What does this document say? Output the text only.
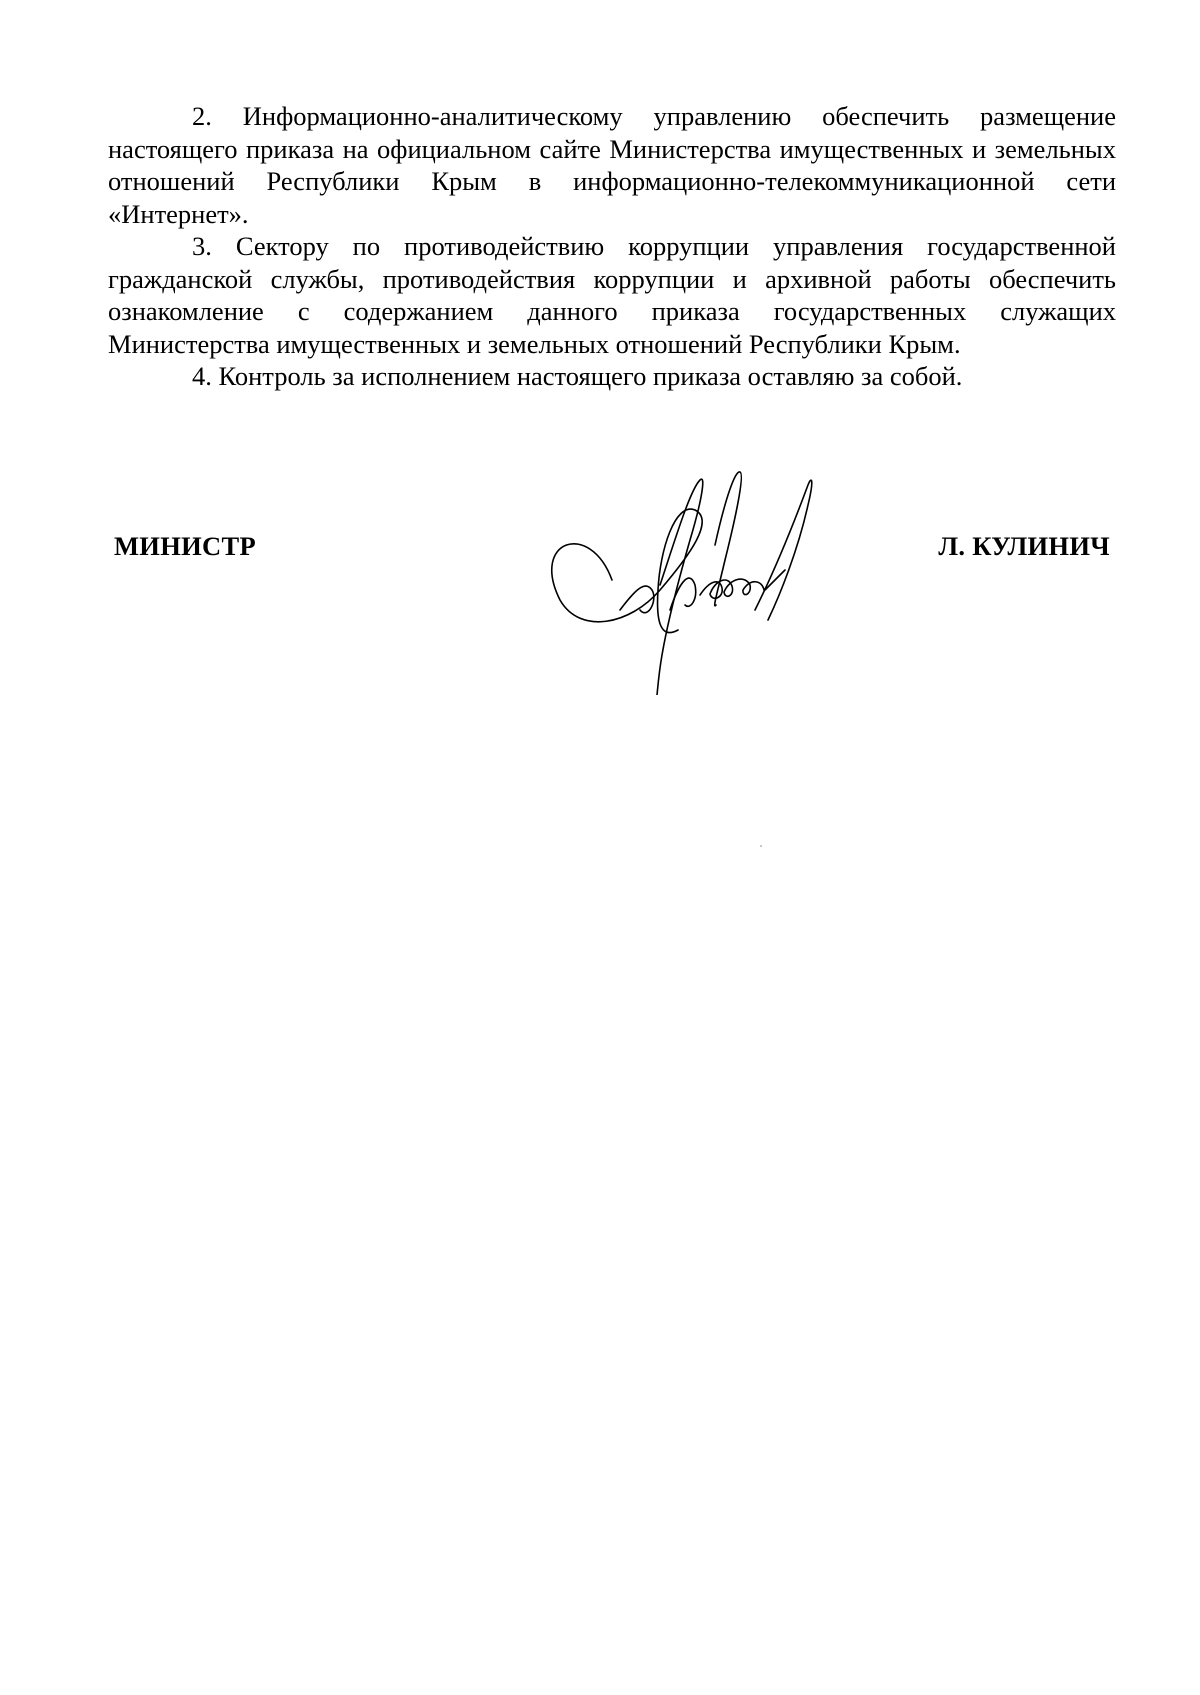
2. Информационно-аналитическому управлению обеспечить размещение настоящего приказа на официальном сайте Министерства имущественных и земельных отношений Республики Крым в информационно-телекоммуникационной сети «Интернет».

3. Сектору по противодействию коррупции управления государственной гражданской службы, противодействия коррупции и архивной работы обеспечить ознакомление с содержанием данного приказа государственных служащих Министерства имущественных и земельных отношений Республики Крым.

4. Контроль за исполнением настоящего приказа оставляю за собой.

МИНИСТР	Л. КУЛИНИЧ
